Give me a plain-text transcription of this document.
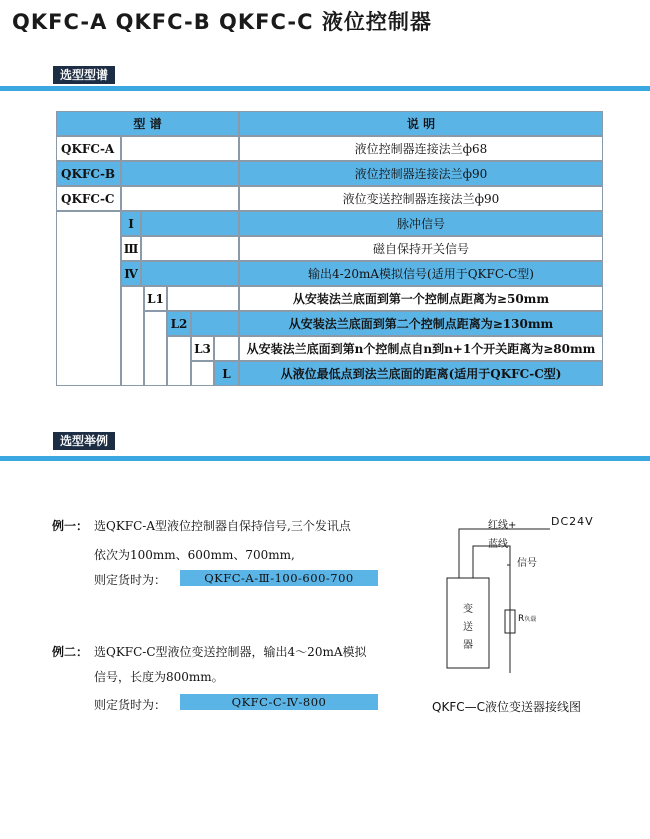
QKFC-A QKFC-B QKFC-C 液位控制器
选型型谱
型 谱	说 明
QKFC-A	液位控制器连接法兰ф68
QKFC-B	液位控制器连接法兰ф90
QKFC-C	液位变送控制器连接法兰ф90
Ⅰ	脉冲信号
Ⅲ	磁自保持开关信号
Ⅳ	输出4-20mA模拟信号(适用于QKFC-C型)
L1	从安装法兰底面到第一个控制点距离为≥50mm
L2	从安装法兰底面到第二个控制点距离为≥130mm
L3	从安装法兰底面到第n个控制点自n到n+1个开关距离为≥80mm
L	从液位最低点到法兰底面的距离(适用于QKFC-C型)
选型举例
例一： 选QKFC-A型液位控制器自保持信号,三个发讯点
依次为100mm、600mm、700mm,
则定货时为：	QKFC-A-Ⅲ-100-600-700
例二： 选QKFC-C型液位变送控制器，输出4～20mA模拟
信号，长度为800mm。
则定货时为：	QKFC-C-Ⅳ-800
红线+	DC24V
蓝线
信号
变
送
器
R负载
QKFC—C液位变送器接线图
